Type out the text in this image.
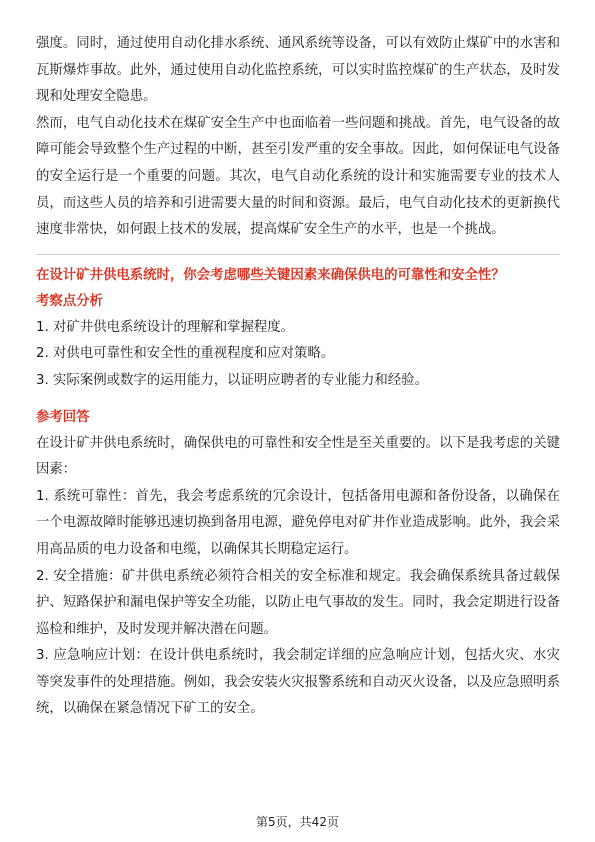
强度。同时，通过使用自动化排水系统、通风系统等设备，可以有效防止煤矿中的水害和瓦斯爆炸事故。此外，通过使用自动化监控系统，可以实时监控煤矿的生产状态，及时发现和处理安全隐患。

然而，电气自动化技术在煤矿安全生产中也面临着一些问题和挑战。首先，电气设备的故障可能会导致整个生产过程的中断，甚至引发严重的安全事故。因此，如何保证电气设备的安全运行是一个重要的问题。其次，电气自动化系统的设计和实施需要专业的技术人员，而这些人员的培养和引进需要大量的时间和资源。最后，电气自动化技术的更新换代速度非常快，如何跟上技术的发展，提高煤矿安全生产的水平，也是一个挑战。

在设计矿井供电系统时，你会考虑哪些关键因素来确保供电的可靠性和安全性？

考察点分析

1. 对矿井供电系统设计的理解和掌握程度。

2. 对供电可靠性和安全性的重视程度和应对策略。

3. 实际案例或数字的运用能力，以证明应聘者的专业能力和经验。

参考回答

在设计矿井供电系统时，确保供电的可靠性和安全性是至关重要的。以下是我考虑的关键因素：

1. 系统可靠性：首先，我会考虑系统的冗余设计，包括备用电源和备份设备，以确保在一个电源故障时能够迅速切换到备用电源，避免停电对矿井作业造成影响。此外，我会采用高品质的电力设备和电缆，以确保其长期稳定运行。

2. 安全措施：矿井供电系统必须符合相关的安全标准和规定。我会确保系统具备过载保护、短路保护和漏电保护等安全功能，以防止电气事故的发生。同时，我会定期进行设备巡检和维护，及时发现并解决潜在问题。

3. 应急响应计划：在设计供电系统时，我会制定详细的应急响应计划，包括火灾、水灾等突发事件的处理措施。例如，我会安装火灾报警系统和自动灭火设备，以及应急照明系统，以确保在紧急情况下矿工的安全。

第5页，共42页
